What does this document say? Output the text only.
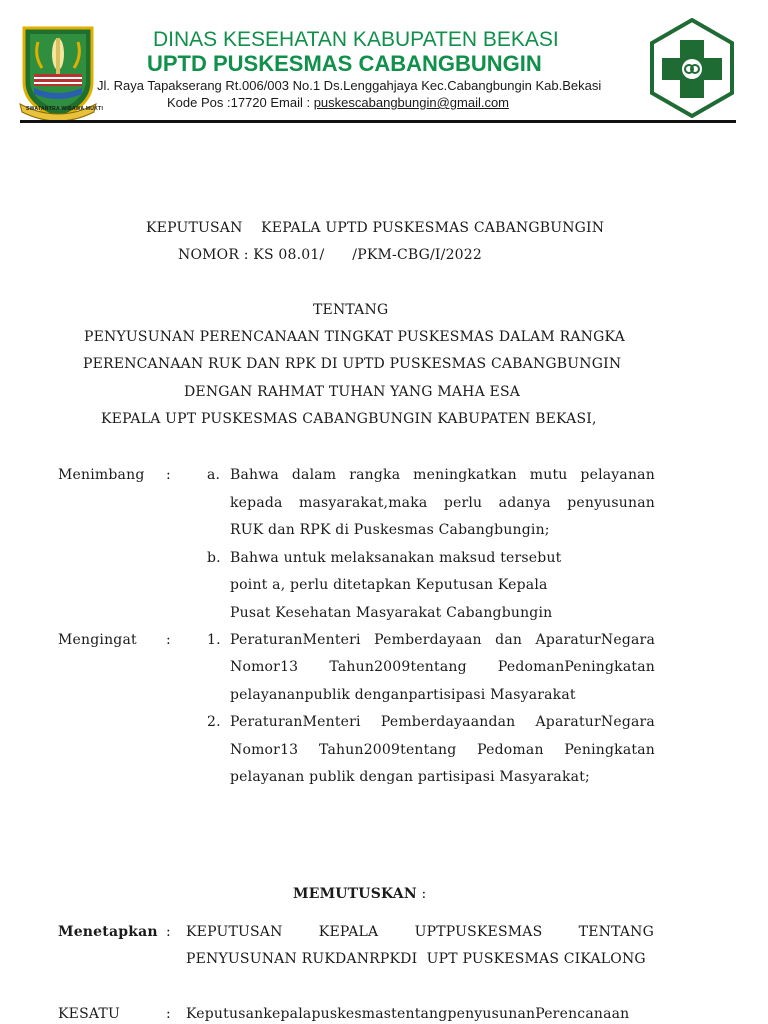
SWATANTRA WIBAWA MUKTI
DINAS KESEHATAN KABUPATEN BEKASI
UPTD PUSKESMAS CABANGBUNGIN
Jl. Raya Tapakserang Rt.006/003 No.1 Ds.Lenggahjaya Kec.Cabangbungin Kab.Bekasi
Kode Pos :17720 Email : puskescabangbungin@gmail.com
KEPUTUSAN    KEPALA UPTD PUSKESMAS CABANGBUNGIN
NOMOR : KS 08.01/      /PKM-CBG/I/2022
TENTANG
PENYUSUNAN PERENCANAAN TINGKAT PUSKESMAS DALAM RANGKA
PERENCANAAN RUK DAN RPK DI UPTD PUSKESMAS CABANGBUNGIN
DENGAN RAHMAT TUHAN YANG MAHA ESA
KEPALA UPT PUSKESMAS CABANGBUNGIN KABUPATEN BEKASI,
Menimbang :	a. Bahwa dalam rangka meningkatkan mutu pelayanan
kepada masyarakat,maka perlu adanya penyusunan
RUK dan RPK di Puskesmas Cabangbungin;
b. Bahwa untuk melaksanakan maksud tersebut
point a, perlu ditetapkan Keputusan Kepala
Pusat Kesehatan Masyarakat Cabangbungin
Mengingat :	1. PeraturanMenteri Pemberdayaan dan AparaturNegara
Nomor13 Tahun2009tentang PedomanPeningkatan
pelayananpublik denganpartisipasi Masyarakat
2. PeraturanMenteri Pemberdayaandan AparaturNegara
Nomor13 Tahun2009tentang Pedoman Peningkatan
pelayanan publik dengan partisipasi Masyarakat;
MEMUTUSKAN :
Menetapkan : KEPUTUSAN	KEPALA	UPTPUSKESMAS	TENTANG
PENYUSUNAN RUKDANRPKDI  UPT PUSKESMAS CIKALONG
KESATU	: Keputusankepalapuskesmastentangpenyusunan​Perencanaan
